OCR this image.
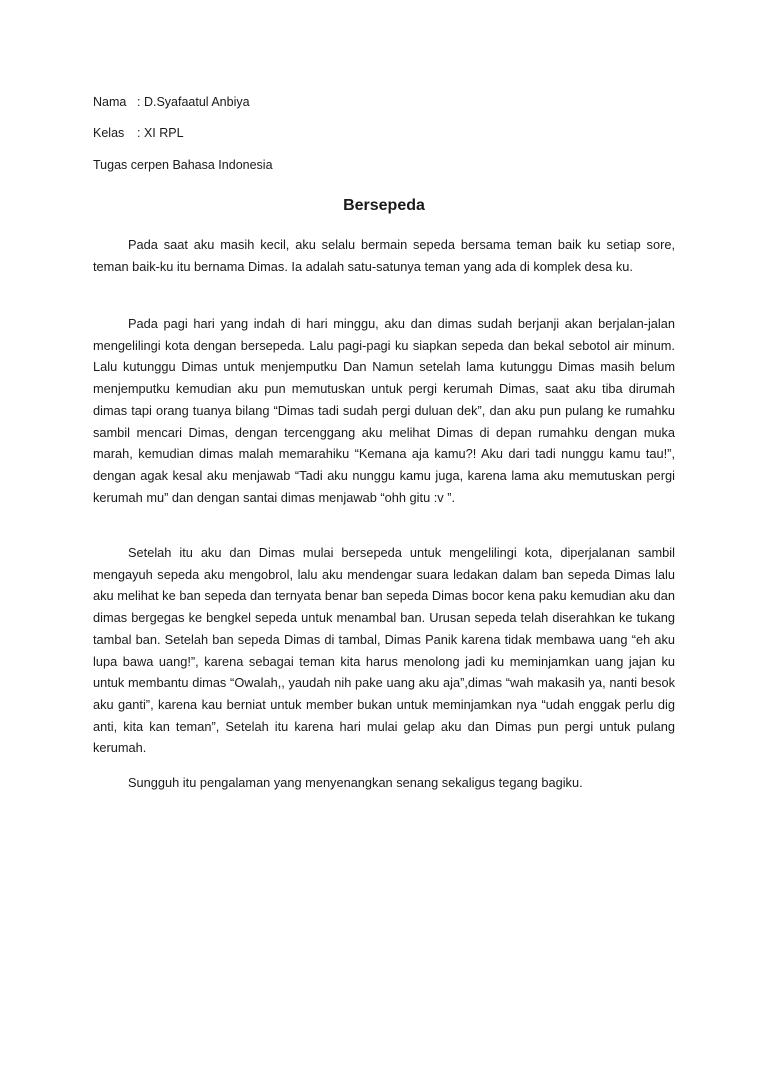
Nama : D.Syafaatul Anbiya
Kelas : XI RPL
Tugas cerpen Bahasa Indonesia
Bersepeda

Pada saat aku masih kecil, aku selalu bermain sepeda bersama teman baik ku setiap sore, teman baik-ku itu bernama Dimas. Ia adalah satu-satunya teman yang ada di komplek desa ku.

Pada pagi hari yang indah di hari minggu, aku dan dimas sudah berjanji akan berjalan-jalan mengelilingi kota dengan bersepeda. Lalu pagi-pagi ku siapkan sepeda dan bekal sebotol air minum. Lalu kutunggu Dimas untuk menjemputku Dan Namun setelah lama kutunggu Dimas masih belum menjemputku kemudian aku pun memutuskan untuk pergi kerumah Dimas, saat aku tiba dirumah dimas tapi orang tuanya bilang “Dimas tadi sudah pergi duluan dek”, dan aku pun pulang ke rumahku sambil mencari Dimas, dengan tercenggang aku melihat Dimas di depan rumahku dengan muka marah, kemudian dimas malah memarahiku “Kemana aja kamu?! Aku dari tadi nunggu kamu tau!”, dengan agak kesal aku menjawab “Tadi aku nunggu kamu juga, karena lama aku memutuskan pergi kerumah mu” dan dengan santai dimas menjawab “ohh gitu :v ”.

Setelah itu aku dan Dimas mulai bersepeda untuk mengelilingi kota, diperjalanan sambil mengayuh sepeda aku mengobrol, lalu aku mendengar suara ledakan dalam ban sepeda Dimas lalu aku melihat ke ban sepeda dan ternyata benar ban sepeda Dimas bocor kena paku kemudian aku dan dimas bergegas ke bengkel sepeda untuk menambal ban. Urusan sepeda telah diserahkan ke tukang tambal ban. Setelah ban sepeda Dimas di tambal, Dimas Panik karena tidak membawa uang “eh aku lupa bawa uang!”, karena sebagai teman kita harus menolong jadi ku meminjamkan uang jajan ku untuk membantu dimas “Owalah,, yaudah nih pake uang aku aja”,dimas “wah makasih ya, nanti besok aku ganti”, karena kau berniat untuk member bukan untuk meminjamkan nya “udah enggak perlu dig anti, kita kan teman”, Setelah itu karena hari mulai gelap aku dan Dimas pun pergi untuk pulang kerumah.

Sungguh itu pengalaman yang menyenangkan senang sekaligus tegang bagiku.
